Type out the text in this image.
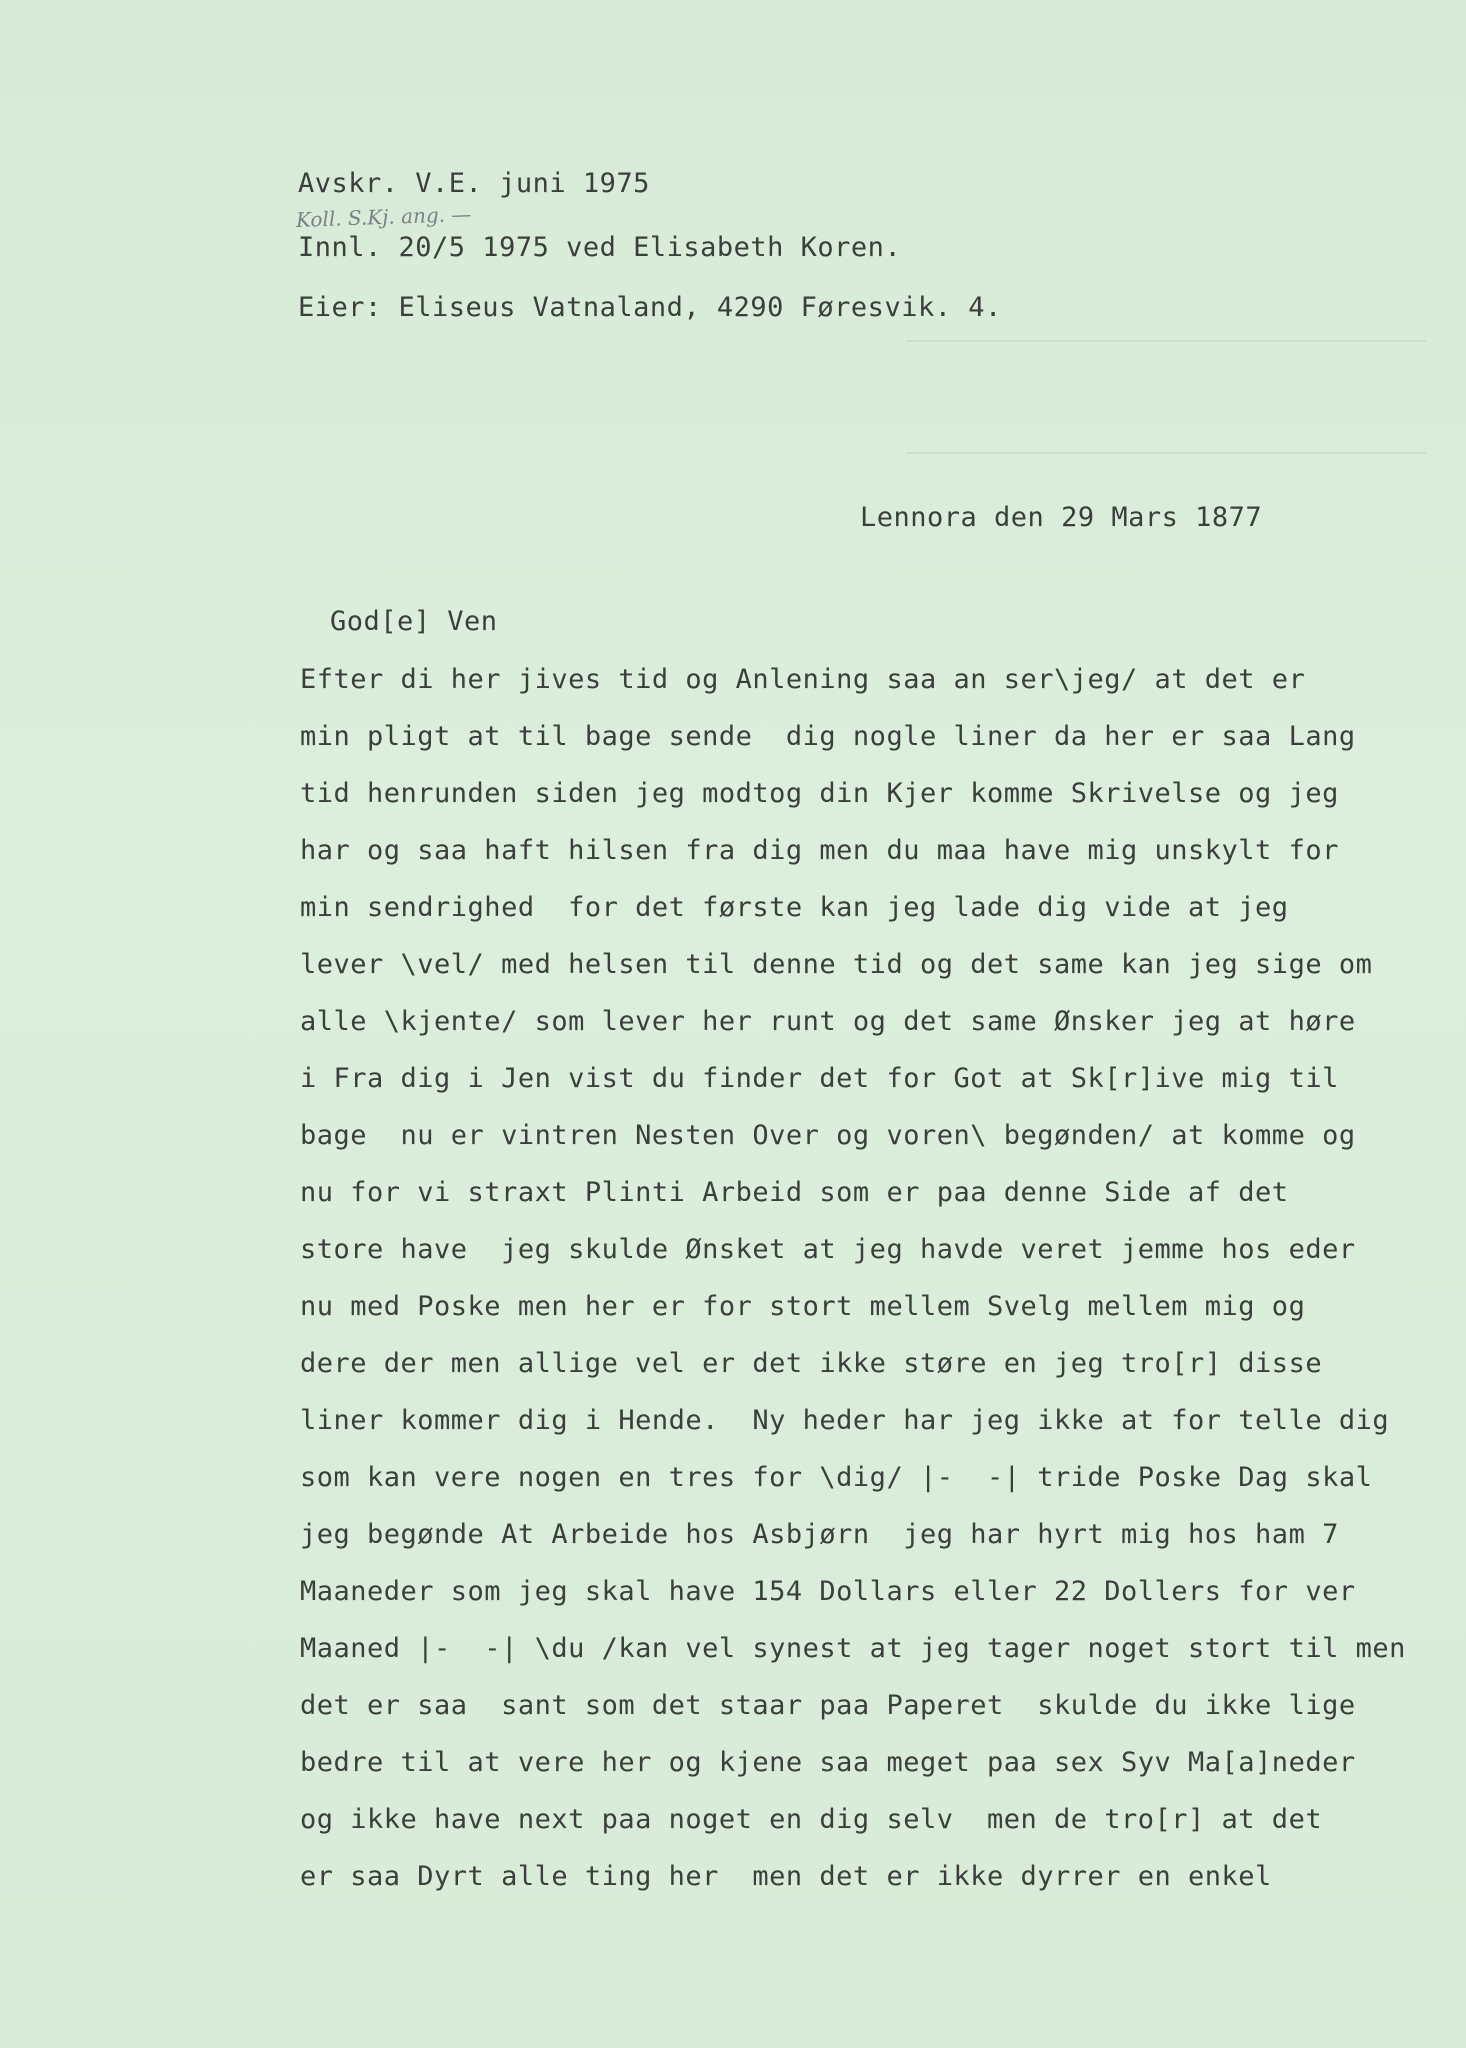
Avskr. V.E. juni 1975

Koll. S.Kj. ang. —

Innl. 20/5 1975 ved Elisabeth Koren.

Eier: Eliseus Vatnaland, 4290 Føresvik. 4.

Lennora den 29 Mars 1877

God[e] Ven

Efter di her jives tid og Anlening saa an ser\jeg/ at det er

min pligt at til bage sende  dig nogle liner da her er saa Lang

tid henrunden siden jeg modtog din Kjer komme Skrivelse og jeg

har og saa haft hilsen fra dig men du maa have mig unskylt for

min sendrighed  for det første kan jeg lade dig vide at jeg

lever \vel/ med helsen til denne tid og det same kan jeg sige om

alle \kjente/ som lever her runt og det same Ønsker jeg at høre

i Fra dig i Jen vist du finder det for Got at Sk[r]ive mig til

bage  nu er vintren Nesten Over og voren\ begønden/ at komme og

nu for vi straxt Plinti Arbeid som er paa denne Side af det

store have  jeg skulde Ønsket at jeg havde veret jemme hos eder

nu med Poske men her er for stort mellem Svelg mellem mig og

dere der men allige vel er det ikke støre en jeg tro[r] disse

liner kommer dig i Hende.  Ny heder har jeg ikke at for telle dig

som kan vere nogen en tres for \dig/ |-  -| tride Poske Dag skal

jeg begønde At Arbeide hos Asbjørn  jeg har hyrt mig hos ham 7

Maaneder som jeg skal have 154 Dollars eller 22 Dollers for ver

Maaned |-  -| \du /kan vel synest at jeg tager noget stort til men

det er saa  sant som det staar paa Paperet  skulde du ikke lige

bedre til at vere her og kjene saa meget paa sex Syv Ma[a]neder

og ikke have next paa noget en dig selv  men de tro[r] at det

er saa Dyrt alle ting her  men det er ikke dyrrer en enkel
